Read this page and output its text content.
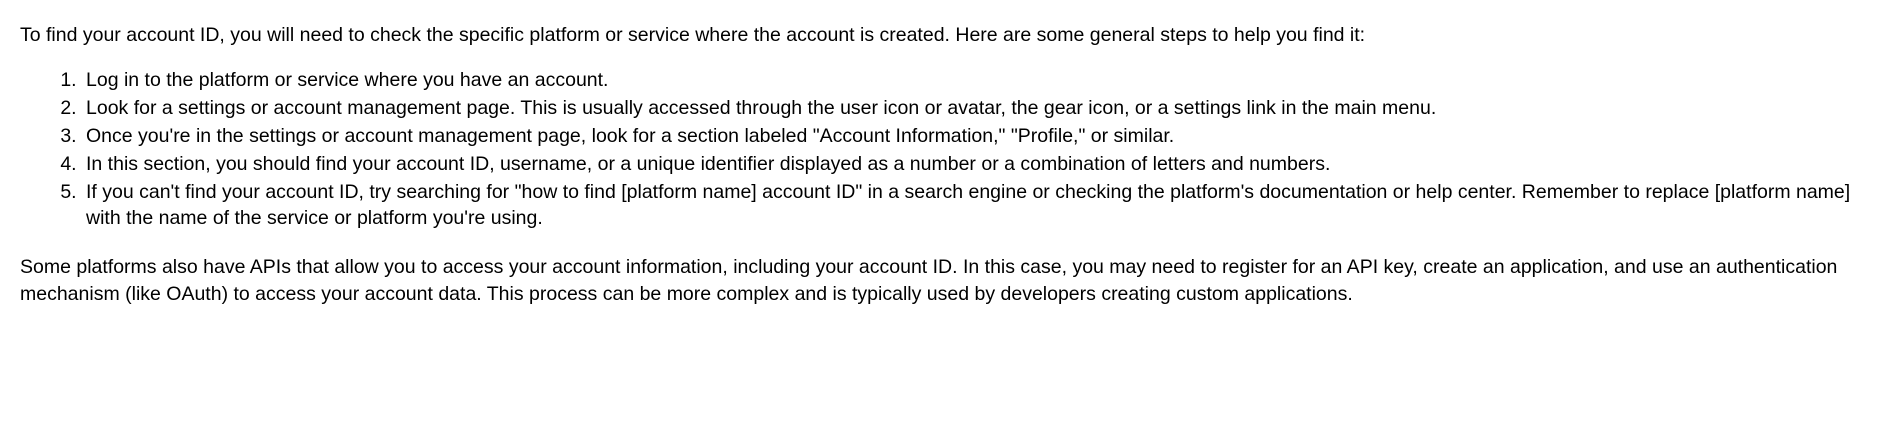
To find your account ID, you will need to check the specific platform or service where the account is created. Here are some general steps to help you find it:

1. Log in to the platform or service where you have an account.
2. Look for a settings or account management page. This is usually accessed through the user icon or avatar, the gear icon, or a settings link in the main menu.
3. Once you're in the settings or account management page, look for a section labeled "Account Information," "Profile," or similar.
4. In this section, you should find your account ID, username, or a unique identifier displayed as a number or a combination of letters and numbers.
5. If you can't find your account ID, try searching for "how to find [platform name] account ID" in a search engine or checking the platform's documentation or help center. Remember to replace [platform name] with the name of the service or platform you're using.

Some platforms also have APIs that allow you to access your account information, including your account ID. In this case, you may need to register for an API key, create an application, and use an authentication mechanism (like OAuth) to access your account data. This process can be more complex and is typically used by developers creating custom applications.
